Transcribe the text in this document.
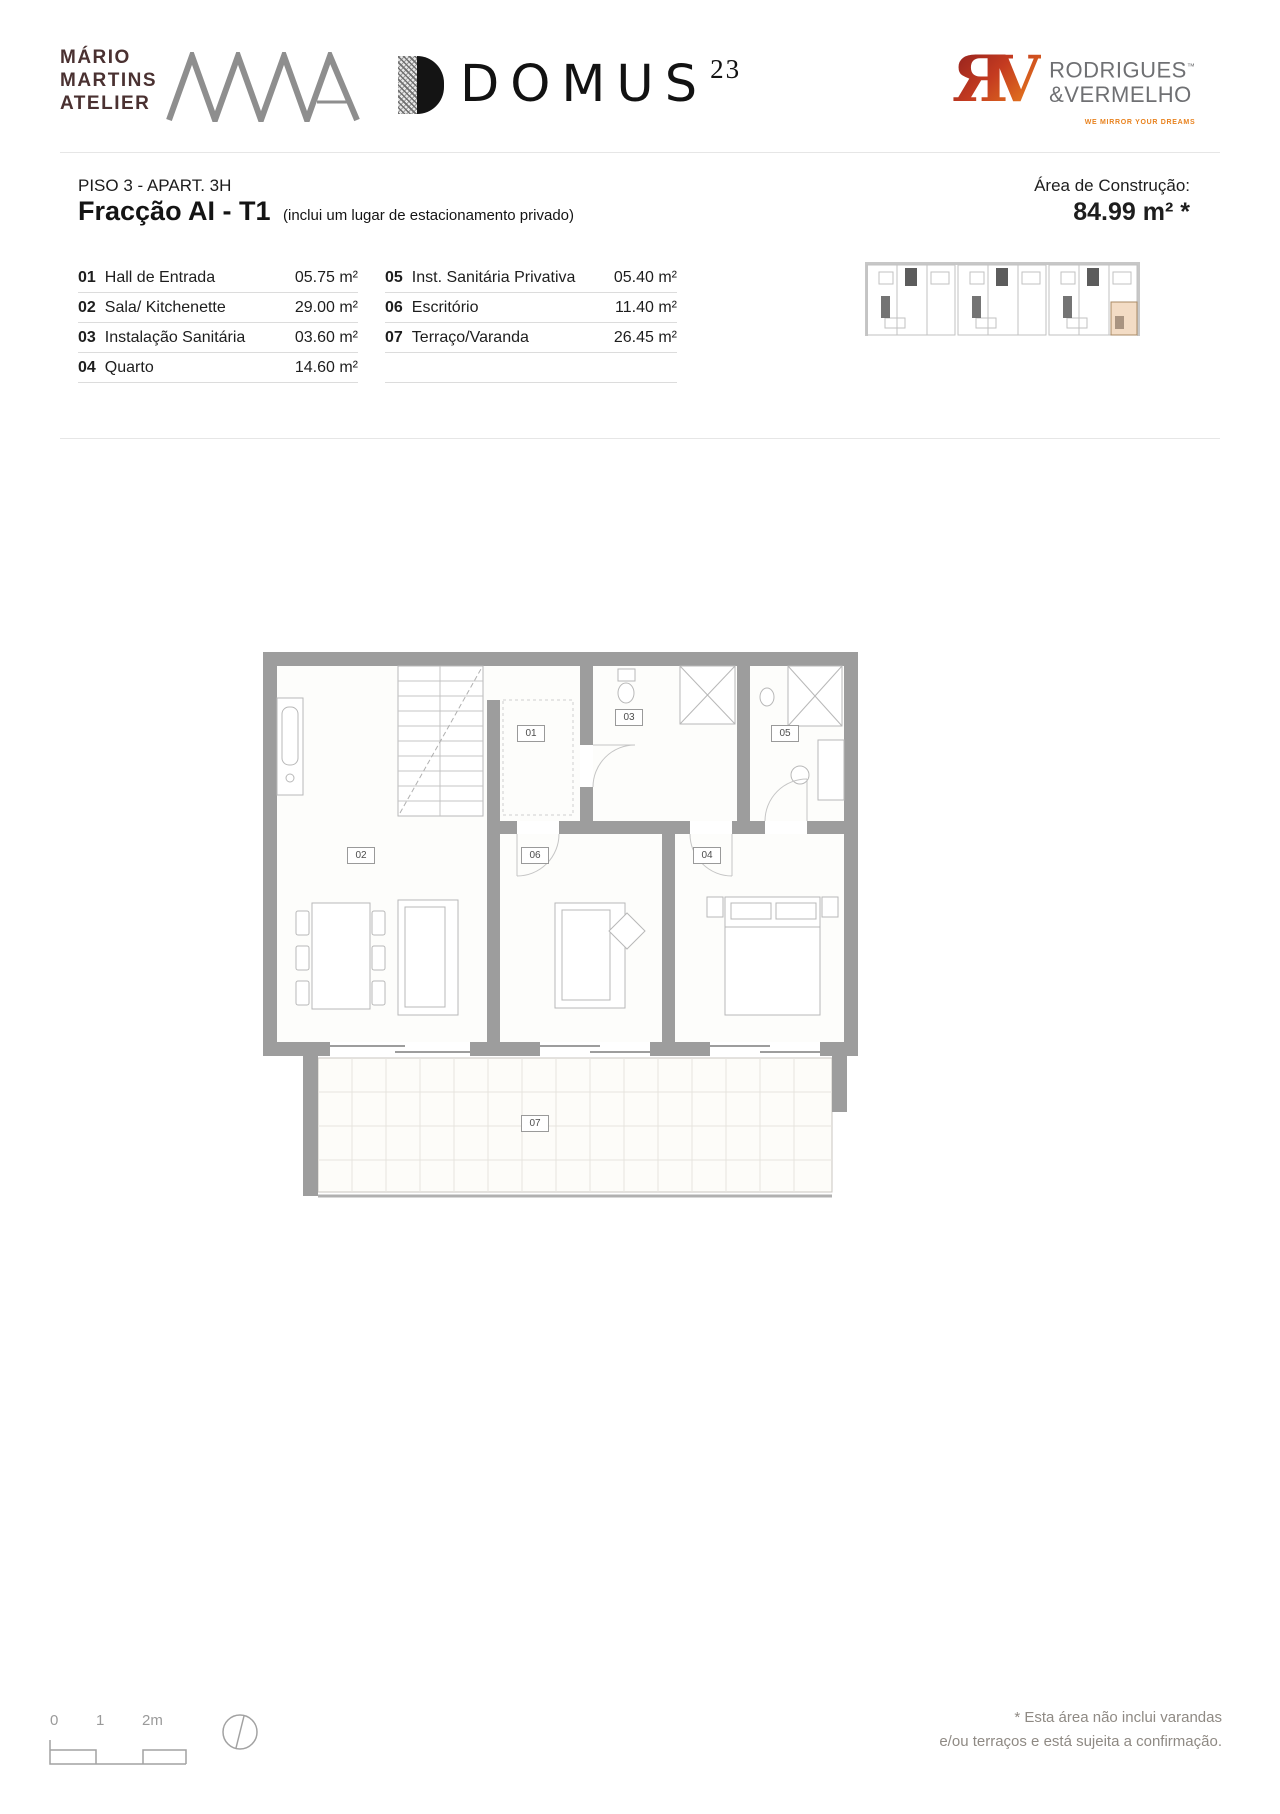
MÁRIO
MARTINS
ATELIER	DOMUS 23	ЯV RODRIGUES™
&VERMELHO
WE MIRROR YOUR DREAMS
PISO 3 - APART. 3H
Fracção AI - T1 (inclui um lugar de estacionamento privado)
Área de Construção:
84.99 m² *
01 Hall de Entrada	05.75 m²
02 Sala/ Kitchenette	29.00 m²
03 Instalação Sanitária	03.60 m²
04 Quarto	14.60 m²
05 Inst. Sanitária Privativa	05.40 m²
06 Escritório	11.40 m²
07 Terraço/Varanda	26.45 m²
01
03
05
02	06	04
07
0	1	2m	* Esta área não inclui varandas
e/ou terraços e está sujeita a confirmação.
